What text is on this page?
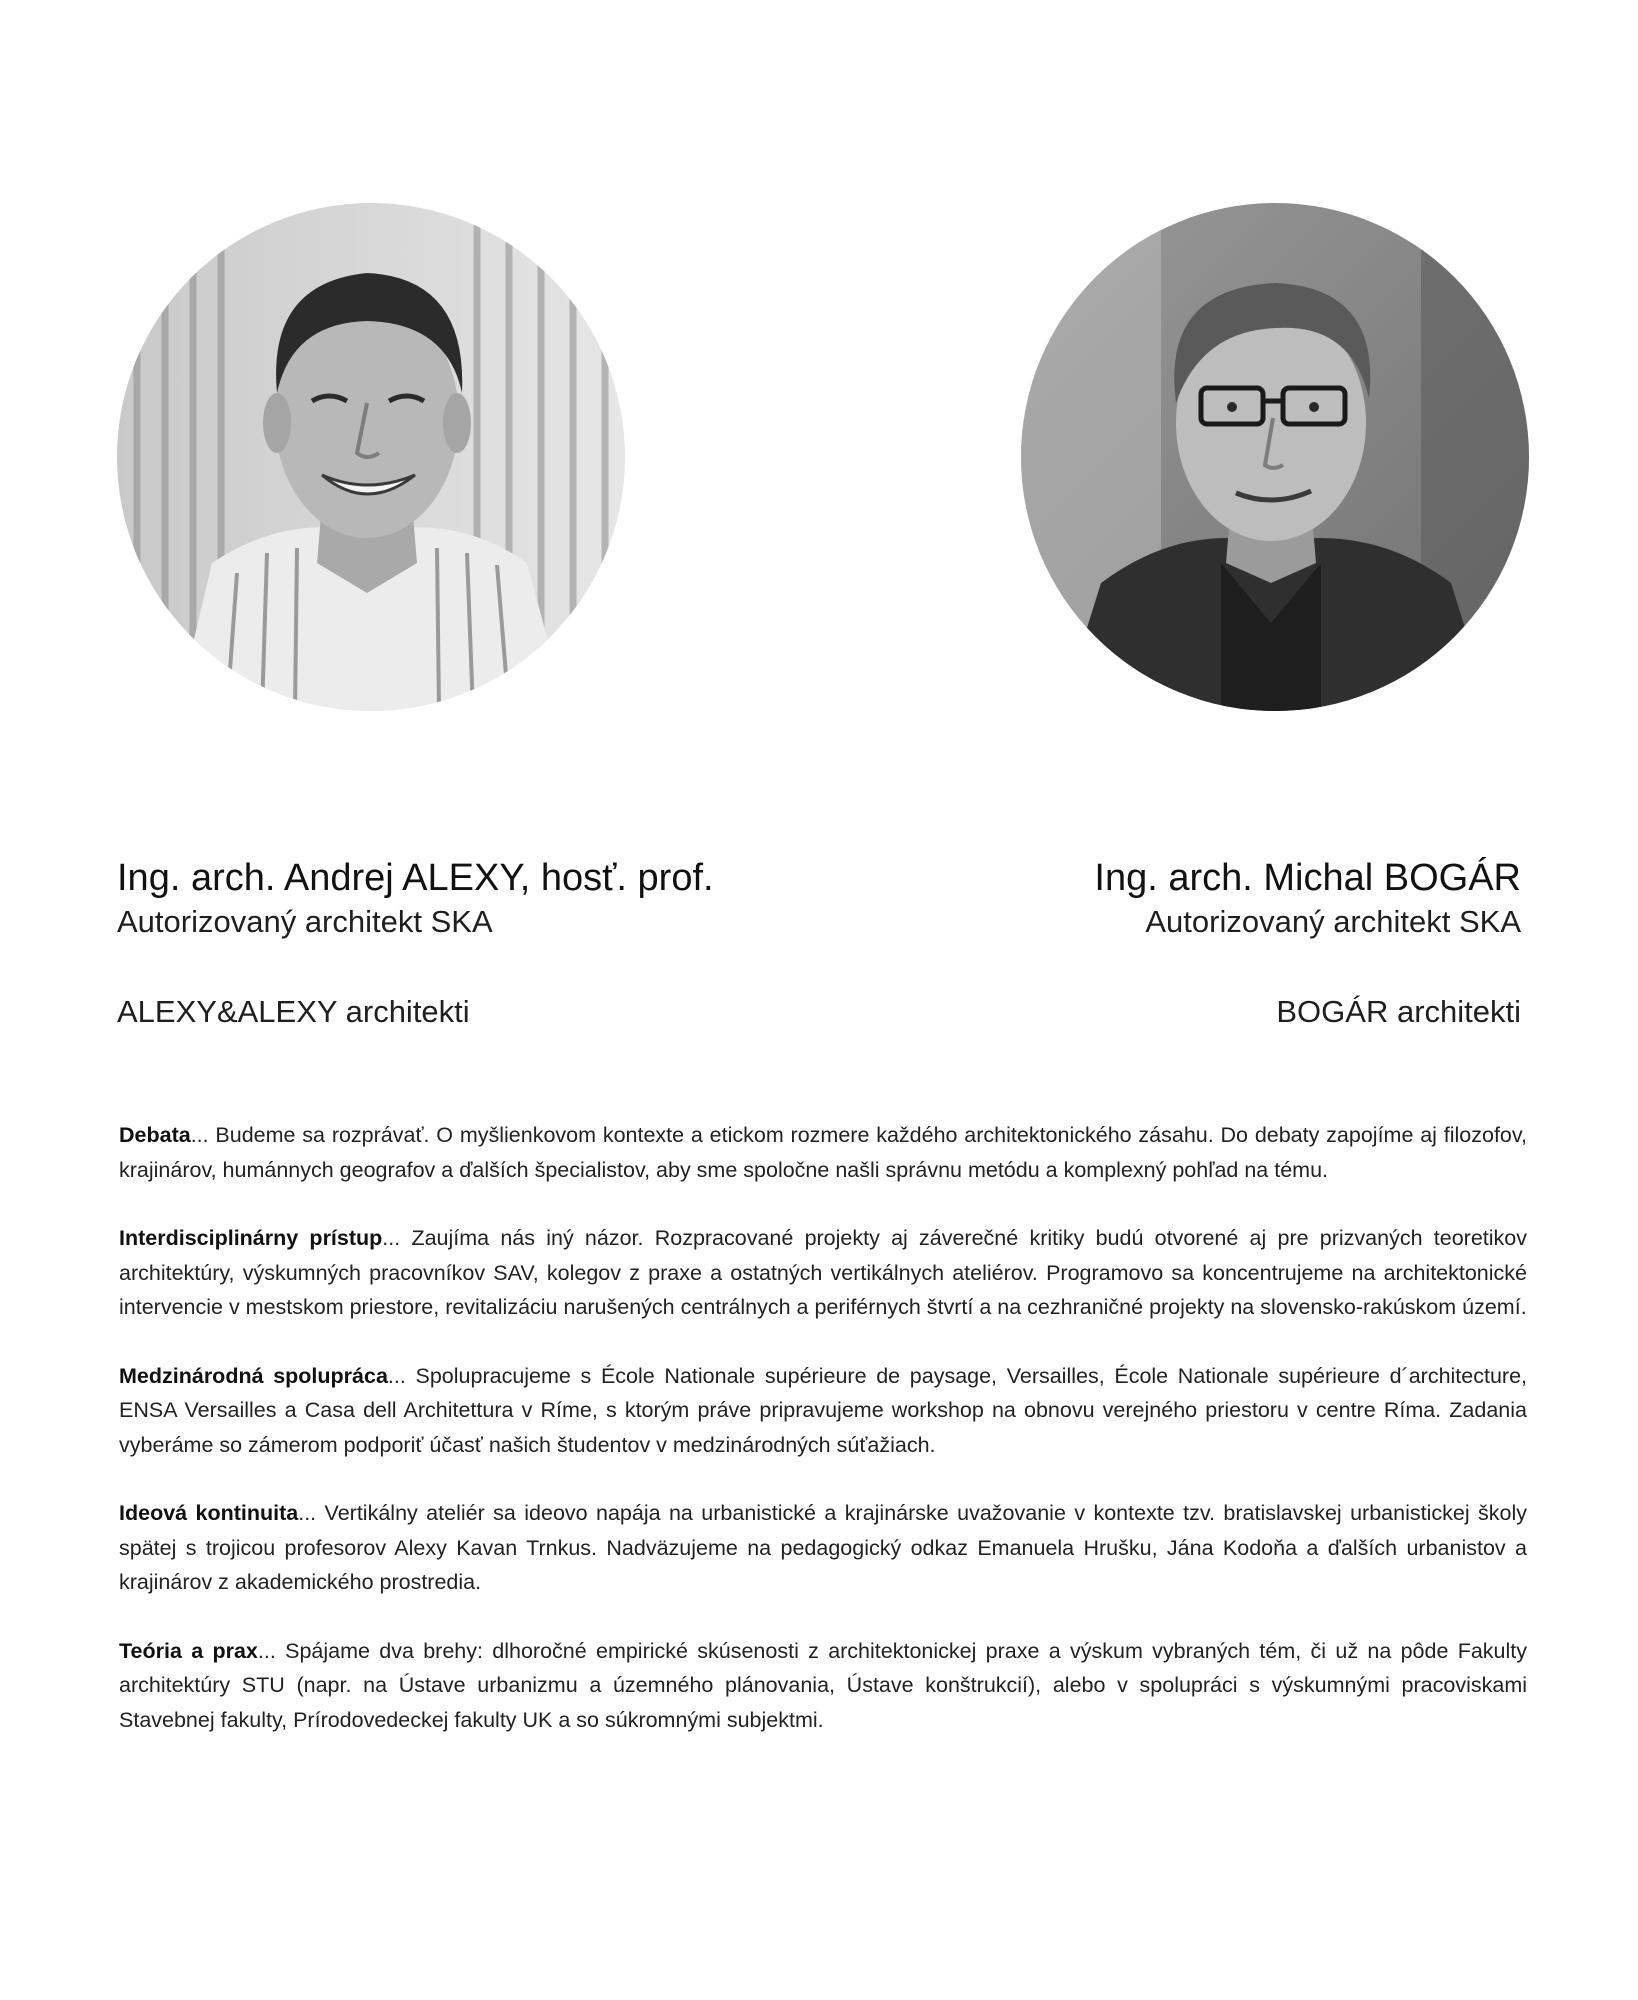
Ing. arch. Andrej ALEXY, hosť. prof.
Autorizovaný architekt SKA
ALEXY&ALEXY architekti
Ing. arch. Michal BOGÁR
Autorizovaný architekt SKA
BOGÁR architekti

Debata... Budeme sa rozprávať. O myšlienkovom kontexte a etickom rozmere každého architektonického zásahu. Do debaty zapojíme aj filozofov, krajinárov, humánnych geografov a ďalších špecialistov, aby sme spoločne našli správnu metódu a komplexný pohľad na tému.

Interdisciplinárny prístup... Zaujíma nás iný názor. Rozpracované projekty aj záverečné kritiky budú otvorené aj pre prizvaných teoretikov architektúry, výskumných pracovníkov SAV, kolegov z praxe a ostatných vertikálnych ateliérov. Programovo sa koncentrujeme na architektonické intervencie v mestskom priestore, revitalizáciu narušených centrálnych a periférnych štvrtí a na cezhraničné projekty na slovensko-rakúskom území.

Medzinárodná spolupráca... Spolupracujeme s École Nationale supérieure de paysage, Versailles, École Nationale supérieure d´architecture, ENSA Versailles a Casa dell Architettura v Ríme, s ktorým práve pripravujeme workshop na obnovu verejného priestoru v centre Ríma. Zadania vyberáme so zámerom podporiť účasť našich študentov v medzinárodných súťažiach.

Ideová kontinuita... Vertikálny ateliér sa ideovo napája na urbanistické a krajinárske uvažovanie v kontexte tzv. bratislavskej urbanistickej školy spätej s trojicou profesorov Alexy Kavan Trnkus. Nadväzujeme na pedagogický odkaz Emanuela Hrušku, Jána Kodoňa a ďalších urbanistov a krajinárov z akademického prostredia.

Teória a prax... Spájame dva brehy: dlhoročné empirické skúsenosti z architektonickej praxe a výskum vybraných tém, či už na pôde Fakulty architektúry STU (napr. na Ústave urbanizmu a územného plánovania, Ústave konštrukcií), alebo v spolupráci s výskumnými pracoviskami Stavebnej fakulty, Prírodovedeckej fakulty UK a so súkromnými subjektmi.
